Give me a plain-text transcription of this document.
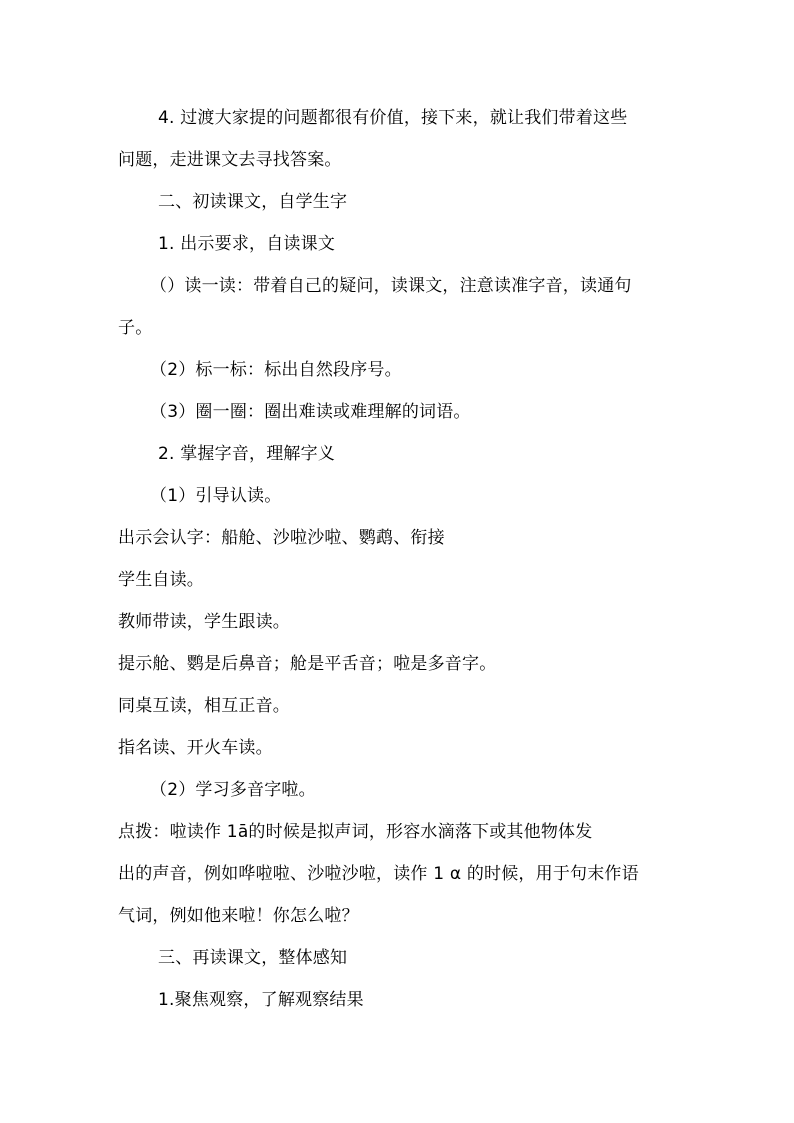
4. 过渡大家提的问题都很有价值，接下来，就让我们带着这些
问题，走进课文去寻找答案。
二、初读课文，自学生字
1. 出示要求，自读课文
（）读一读：带着自己的疑问，读课文，注意读准字音，读通句
子。
（2）标一标：标出自然段序号。
（3）圈一圈：圈出难读或难理解的词语。
2. 掌握字音，理解字义
（1）引导认读。
出示会认字：船舱、沙啦沙啦、鹦鹉、衔接
学生自读。
教师带读，学生跟读。
提示舱、鹦是后鼻音；舱是平舌音；啦是多音字。
同桌互读，相互正音。
指名读、开火车读。
（2）学习多音字啦。
点拨：啦读作 1ā的时候是拟声词，形容水滴落下或其他物体发
出的声音，例如哗啦啦、沙啦沙啦，读作 1 α 的时候，用于句末作语
气词，例如他来啦！你怎么啦？
三、再读课文，整体感知
1.聚焦观察，了解观察结果
